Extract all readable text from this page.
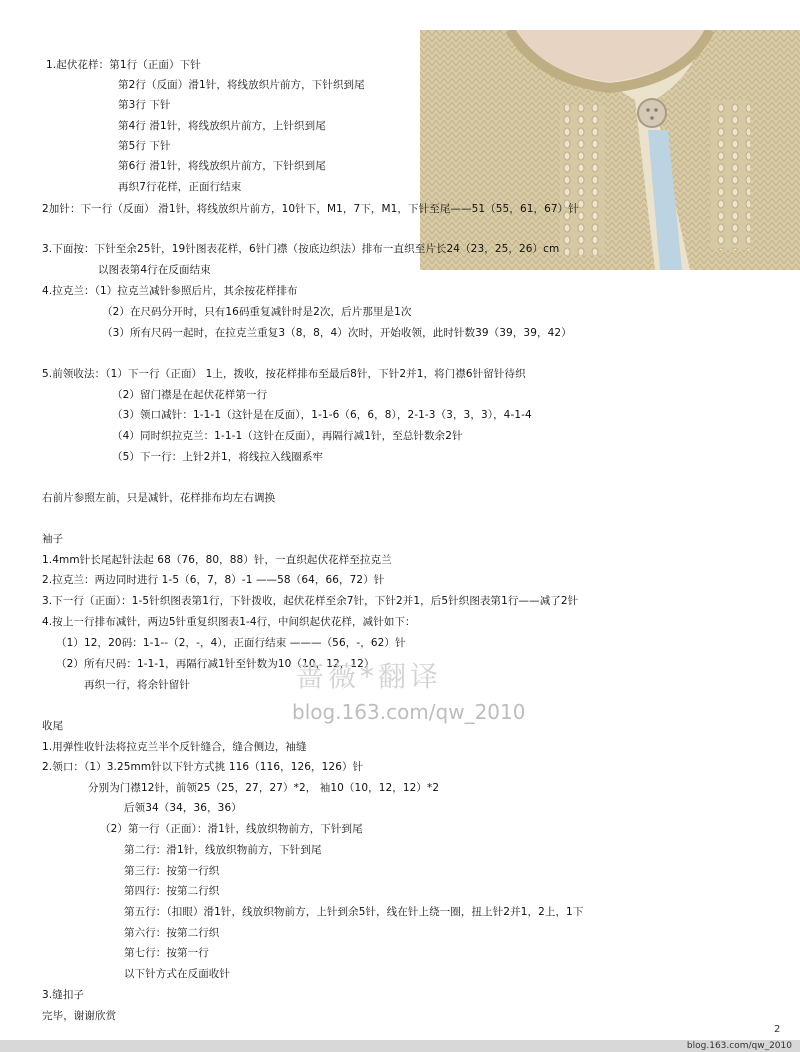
1.起伏花样：第1行（正面）下针
第2行（反面）滑1针，将线放织片前方，下针织到尾
第3行 下针
第4行 滑1针，将线放织片前方，上针织到尾
第5行 下针
第6行 滑1针，将线放织片前方，下针织到尾
再织7行花样，正面行结束
2加针：下一行（反面） 滑1针，将线放织片前方，10针下，M1，7下，M1，下针至尾——51（55，61，67）针
3.下面按：下针至余25针，19针图表花样，6针门襟（按底边织法）排布一直织至片长24（23，25，26）cm
以图表第4行在反面结束
4.拉克兰：（1）拉克兰减针参照后片，其余按花样排布
（2）在尺码分开时，只有16码重复减针时是2次，后片那里是1次
（3）所有尺码一起时，在拉克兰重复3（8，8，4）次时，开始收领，此时针数39（39，39，42）
5.前领收法：（1）下一行（正面） 1上，拨收，按花样排布至最后8针，下针2并1，将门襟6针留针待织
（2）留门襟是在起伏花样第一行
（3）领口减针：1-1-1（这针是在反面），1-1-6（6，6，8），2-1-3（3，3，3），4-1-4
（4）同时织拉克兰：1-1-1（这针在反面），再隔行减1针，至总针数余2针
（5）下一行：上针2并1，将线拉入线圈系牢
右前片参照左前，只是减针，花样排布均左右调换
袖子
1.4mm针长尾起针法起 68（76，80，88）针，一直织起伏花样至拉克兰
2.拉克兰：两边同时进行 1-5（6，7，8）-1 ——58（64，66，72）针
3.下一行（正面）：1-5针织图表第1行，下针拨收，起伏花样至余7针，下针2并1，后5针织图表第1行——减了2针
4.按上一行排布减针，两边5针重复织图表1-4行，中间织起伏花样，减针如下：
（1）12，20码：1-1--（2，-，4），正面行结束 ———（56，-，62）针
（2）所有尺码：1-1-1，再隔行减1针至针数为10（10，12，12）
再织一行，将余针留针
收尾
1.用弹性收针法将拉克兰半个反针缝合，缝合侧边，袖缝
2.领口：（1）3.25mm针以下针方式挑 116（116，126，126）针
分别为门襟12针，前领25（25，27，27）*2， 袖10（10，12，12）*2
后领34（34，36，36）
（2）第一行（正面）：滑1针，线放织物前方，下针到尾
第二行：滑1针，线放织物前方，下针到尾
第三行：按第一行织
第四行：按第二行织
第五行：（扣眼）滑1针，线放织物前方，上针到余5针，线在针上绕一圈，扭上针2并1，2上，1下
第六行：按第二行织
第七行：按第一行
以下针方式在反面收针
3.缝扣子
完毕，谢谢欣赏
蔷薇*翻译
blog.163.com/qw_2010
2
blog.163.com/qw_2010
